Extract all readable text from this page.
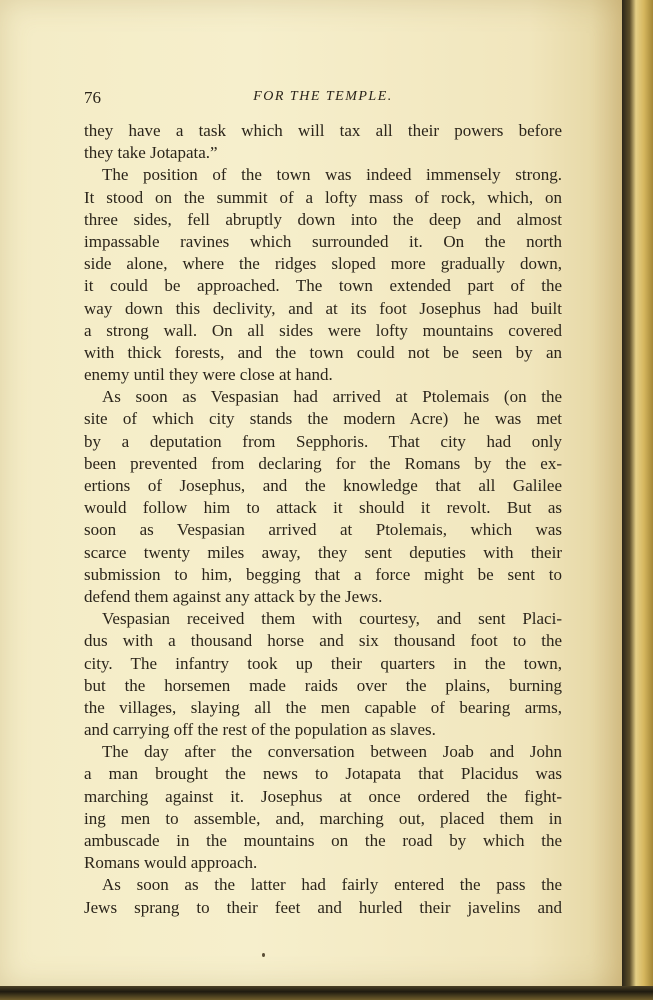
76	FOR THE TEMPLE.
they have a task which will tax all their powers before
they take Jotapata.”
The position of the town was indeed immensely strong.
It stood on the summit of a lofty mass of rock, which, on
three sides, fell abruptly down into the deep and almost
impassable ravines which surrounded it. On the north
side alone, where the ridges sloped more gradually down,
it could be approached. The town extended part of the
way down this declivity, and at its foot Josephus had built
a strong wall. On all sides were lofty mountains covered
with thick forests, and the town could not be seen by an
enemy until they were close at hand.
As soon as Vespasian had arrived at Ptolemais (on the
site of which city stands the modern Acre) he was met
by a deputation from Sepphoris. That city had only
been prevented from declaring for the Romans by the ex-
ertions of Josephus, and the knowledge that all Galilee
would follow him to attack it should it revolt. But as
soon as Vespasian arrived at Ptolemais, which was
scarce twenty miles away, they sent deputies with their
submission to him, begging that a force might be sent to
defend them against any attack by the Jews.
Vespasian received them with courtesy, and sent Placi-
dus with a thousand horse and six thousand foot to the
city. The infantry took up their quarters in the town,
but the horsemen made raids over the plains, burning
the villages, slaying all the men capable of bearing arms,
and carrying off the rest of the population as slaves.
The day after the conversation between Joab and John
a man brought the news to Jotapata that Placidus was
marching against it. Josephus at once ordered the fight-
ing men to assemble, and, marching out, placed them in
ambuscade in the mountains on the road by which the
Romans would approach.
As soon as the latter had fairly entered the pass the
Jews sprang to their feet and hurled their javelins and
